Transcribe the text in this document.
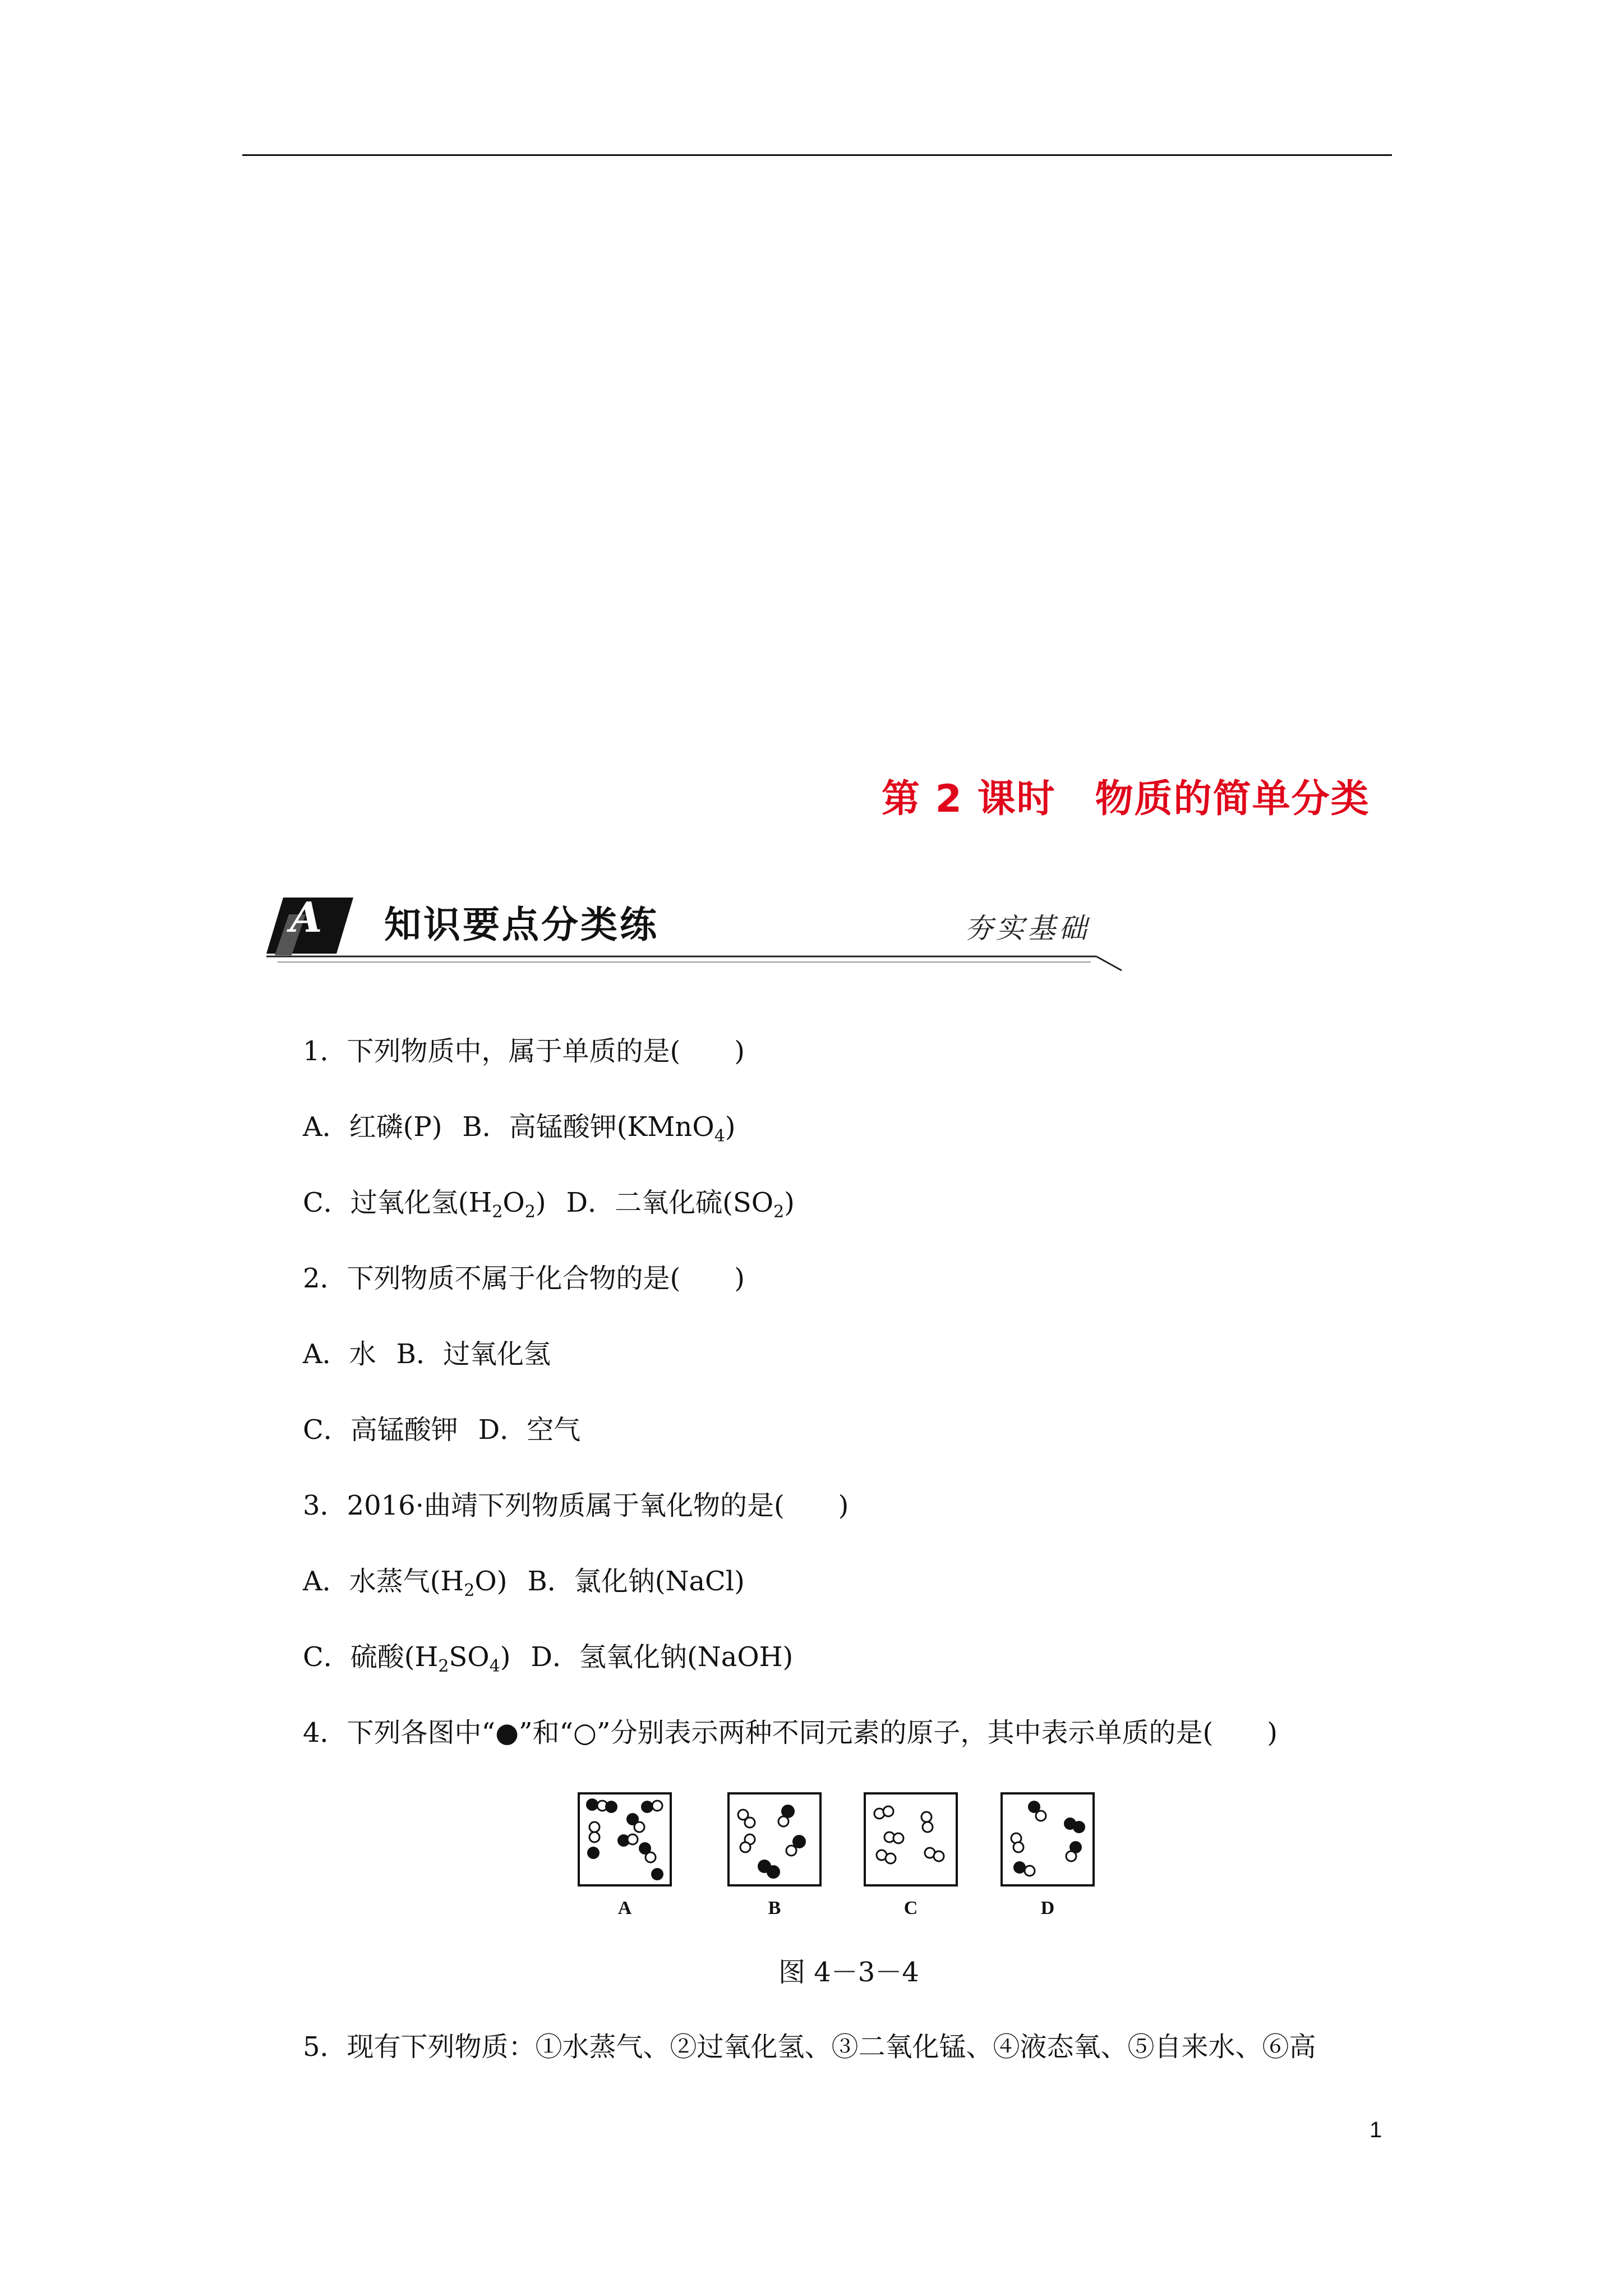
第 2 课时　物质的简单分类
A 知识要点分类练	夯实基础
1．下列物质中，属于单质的是(　　)
A．红磷(P) B．高锰酸钾(KMnO$_4$)
C．过氧化氢$(H_2O_2)$ D．二氧化硫$(SO_2)$
2．下列物质不属于化合物的是(　　)
A．水 B．过氧化氢
C．高锰酸钾 D．空气
3．2016·曲靖下列物质属于氧化物的是(　　)
A．水蒸气$(H_2O)$ B．氯化钠(NaCl)
C．硫酸$(H_2SO_4)$ D．氢氧化钠(NaOH)
4．下列各图中“●”和“○”分别表示两种不同元素的原子，其中表示单质的是(　　)
A	B	C	D
图 4－3－4
5．现有下列物质：①水蒸气、②过氧化氢、③二氧化锰、④液态氧、⑤自来水、⑥高
1
